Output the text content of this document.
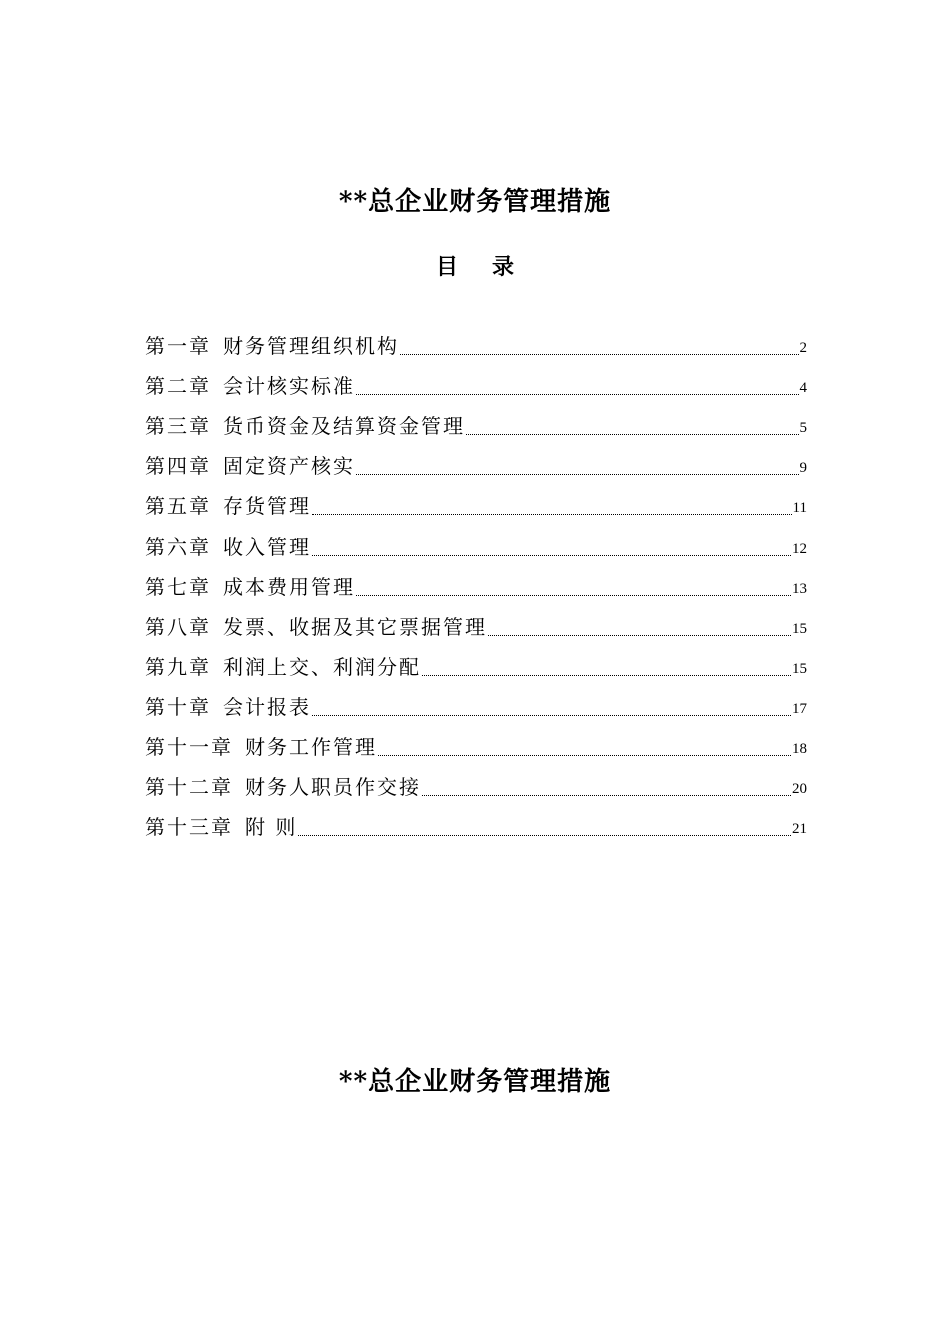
**总企业财务管理措施
目录
第一章 财务管理组织机构	2
第二章 会计核实标准	4
第三章 货币资金及结算资金管理	5
第四章 固定资产核实	9
第五章 存货管理	11
第六章 收入管理	12
第七章 成本费用管理	13
第八章 发票、收据及其它票据管理	15
第九章 利润上交、利润分配	15
第十章 会计报表	17
第十一章 财务工作管理	18
第十二章 财务人职员作交接	20
第十三章 附 则	21
**总企业财务管理措施
